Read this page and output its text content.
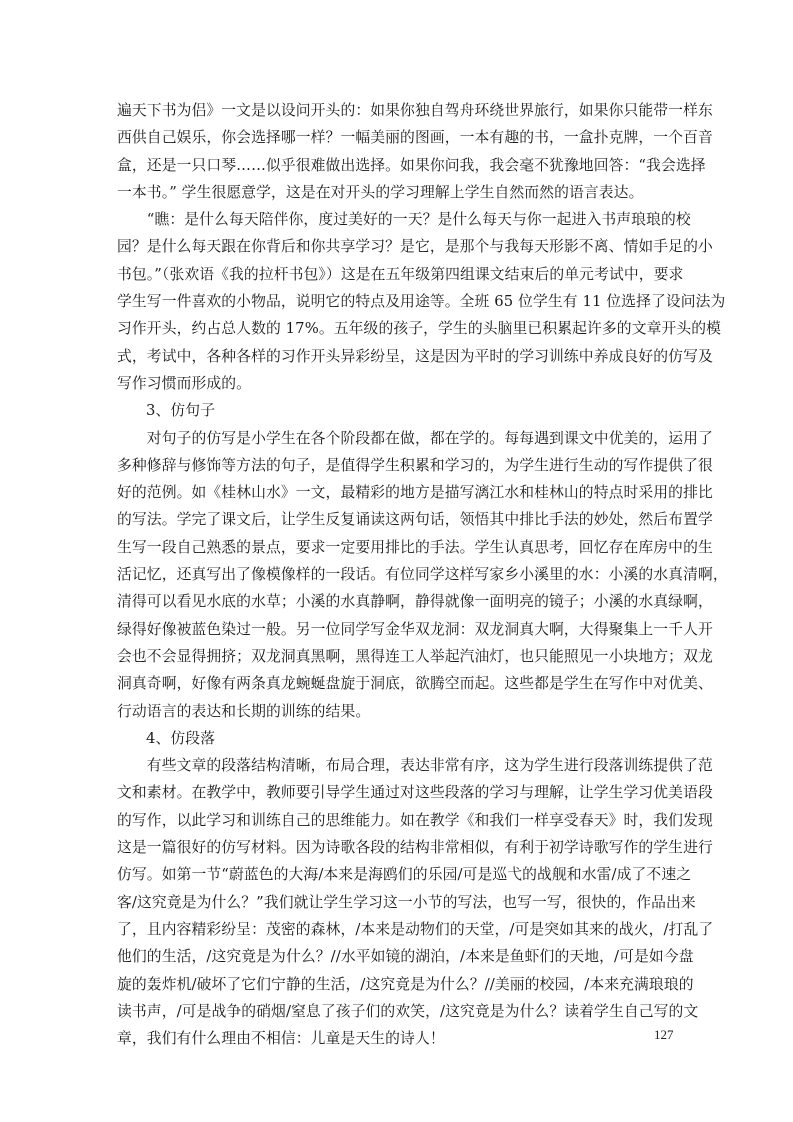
遍天下书为侣》一文是以设问开头的：如果你独自驾舟环绕世界旅行，如果你只能带一样东
西供自己娱乐，你会选择哪一样？一幅美丽的图画，一本有趣的书，一盒扑克牌，一个百音
盒，还是一只口琴……似乎很难做出选择。如果你问我，我会毫不犹豫地回答：“我会选择
一本书。” 学生很愿意学，这是在对开头的学习理解上学生自然而然的语言表达。
　　“瞧：是什么每天陪伴你，度过美好的一天？是什么每天与你一起进入书声琅琅的校
园？是什么每天跟在你背后和你共享学习？是它，是那个与我每天形影不离、情如手足的小
书包。”（张欢语《我的拉杆书包》）这是在五年级第四组课文结束后的单元考试中，要求
学生写一件喜欢的小物品，说明它的特点及用途等。全班 65 位学生有 11 位选择了设问法为
习作开头，约占总人数的 17%。五年级的孩子，学生的头脑里已积累起许多的文章开头的模
式，考试中，各种各样的习作开头异彩纷呈，这是因为平时的学习训练中养成良好的仿写及
写作习惯而形成的。
3、仿句子
　　对句子的仿写是小学生在各个阶段都在做，都在学的。每每遇到课文中优美的，运用了
多种修辞与修饰等方法的句子，是值得学生积累和学习的，为学生进行生动的写作提供了很
好的范例。如《桂林山水》一文，最精彩的地方是描写漓江水和桂林山的特点时采用的排比
的写法。学完了课文后，让学生反复诵读这两句话，领悟其中排比手法的妙处，然后布置学
生写一段自己熟悉的景点，要求一定要用排比的手法。学生认真思考，回忆存在库房中的生
活记忆，还真写出了像模像样的一段话。有位同学这样写家乡小溪里的水：小溪的水真清啊，
清得可以看见水底的水草；小溪的水真静啊，静得就像一面明亮的镜子；小溪的水真绿啊，
绿得好像被蓝色染过一般。另一位同学写金华双龙洞：双龙洞真大啊，大得聚集上一千人开
会也不会显得拥挤；双龙洞真黑啊，黑得连工人举起汽油灯，也只能照见一小块地方；双龙
洞真奇啊，好像有两条真龙蜿蜒盘旋于洞底，欲腾空而起。这些都是学生在写作中对优美、
行动语言的表达和长期的训练的结果。
4、仿段落
　　有些文章的段落结构清晰，布局合理，表达非常有序，这为学生进行段落训练提供了范
文和素材。在教学中，教师要引导学生通过对这些段落的学习与理解，让学生学习优美语段
的写作，以此学习和训练自己的思维能力。如在教学《和我们一样享受春天》时，我们发现
这是一篇很好的仿写材料。因为诗歌各段的结构非常相似，有利于初学诗歌写作的学生进行
仿写。如第一节“蔚蓝色的大海/本来是海鸥们的乐园/可是巡弋的战舰和水雷/成了不速之
客/这究竟是为什么？”我们就让学生学习这一小节的写法，也写一写，很快的，作品出来
了，且内容精彩纷呈：茂密的森林，/本来是动物们的天堂，/可是突如其来的战火，/打乱了
他们的生活，/这究竟是为什么？//水平如镜的湖泊，/本来是鱼虾们的天地，/可是如今盘
旋的轰炸机/破坏了它们宁静的生活，/这究竟是为什么？//美丽的校园，/本来充满琅琅的
读书声，/可是战争的硝烟/窒息了孩子们的欢笑，/这究竟是为什么？读着学生自己写的文
章，我们有什么理由不相信：儿童是天生的诗人！	127
